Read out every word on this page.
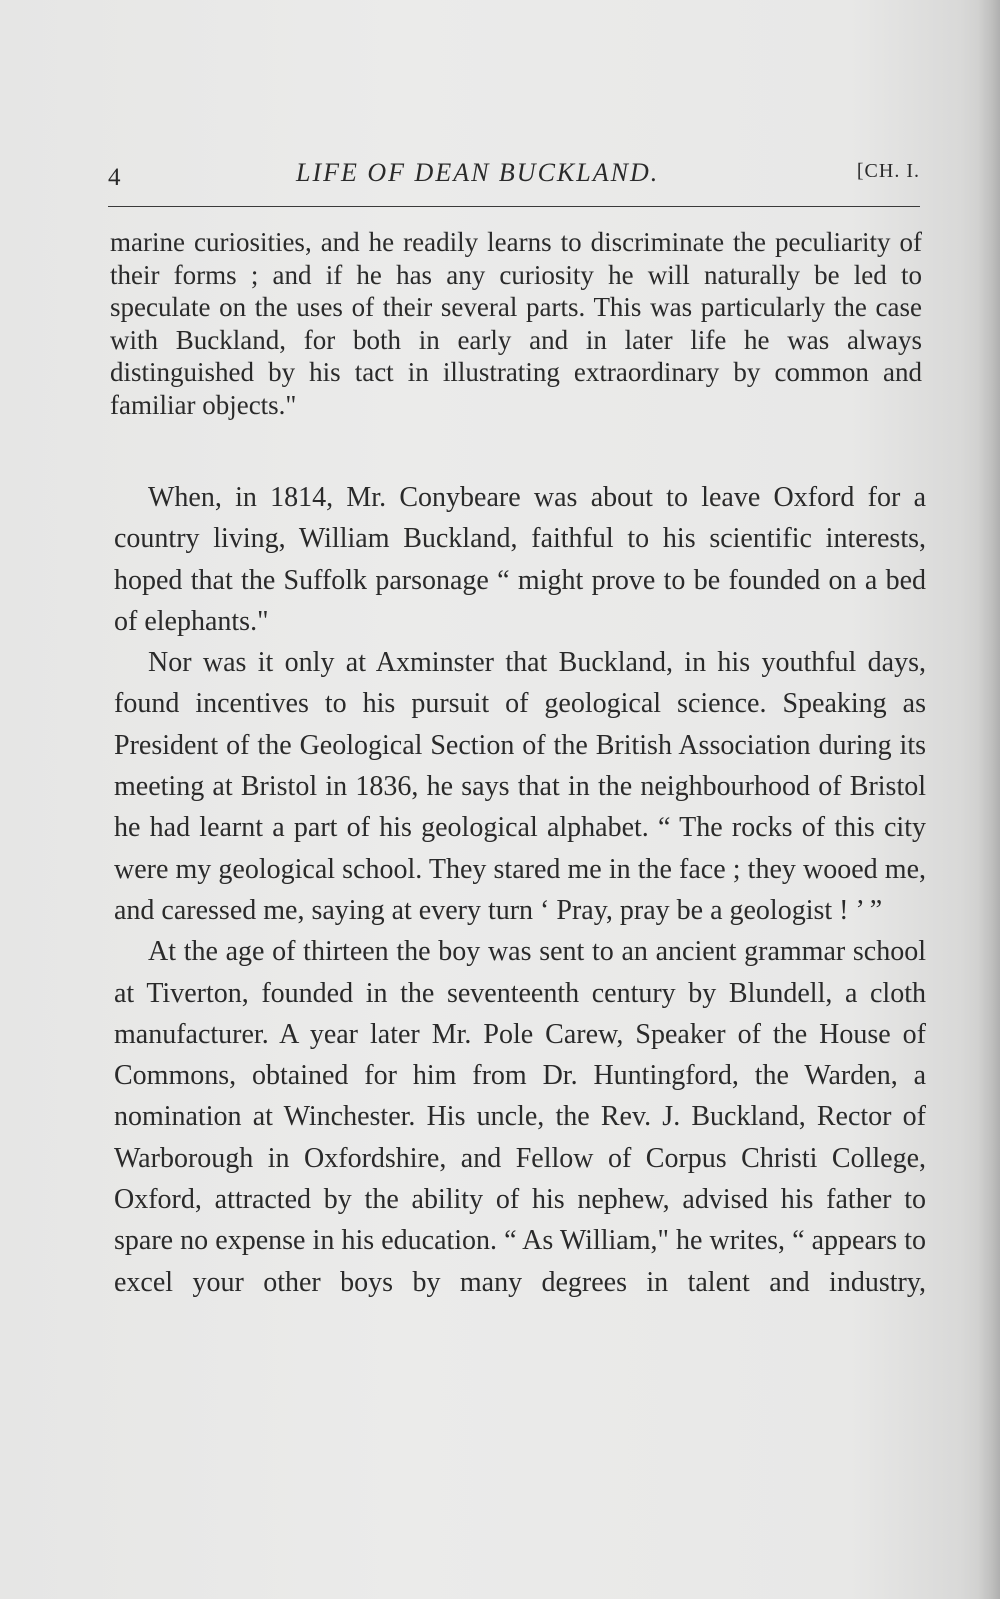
4	LIFE OF DEAN BUCKLAND.	[CH. I.

marine curiosities, and he readily learns to discriminate the peculiarity of their forms ; and if he has any curiosity he will naturally be led to speculate on the uses of their several parts. This was particularly the case with Buckland, for both in early and in later life he was always distinguished by his tact in illustrating extraordinary by common and familiar objects."

When, in 1814, Mr. Conybeare was about to leave Oxford for a country living, William Buckland, faithful to his scientific interests, hoped that the Suffolk parsonage “ might prove to be founded on a bed of elephants."

Nor was it only at Axminster that Buckland, in his youthful days, found incentives to his pursuit of geological science. Speaking as President of the Geological Section of the British Association during its meeting at Bristol in 1836, he says that in the neighbourhood of Bristol he had learnt a part of his geological alphabet. “ The rocks of this city were my geological school. They stared me in the face ; they wooed me, and caressed me, saying at every turn ‘ Pray, pray be a geologist ! ’ ”

At the age of thirteen the boy was sent to an ancient grammar school at Tiverton, founded in the seventeenth century by Blundell, a cloth manufacturer. A year later Mr. Pole Carew, Speaker of the House of Commons, obtained for him from Dr. Huntingford, the Warden, a nomination at Winchester. His uncle, the Rev. J. Buckland, Rector of Warborough in Oxfordshire, and Fellow of Corpus Christi College, Oxford, attracted by the ability of his nephew, advised his father to spare no expense in his education. “ As William," he writes, “ appears to excel your other boys by many degrees in talent and industry,
